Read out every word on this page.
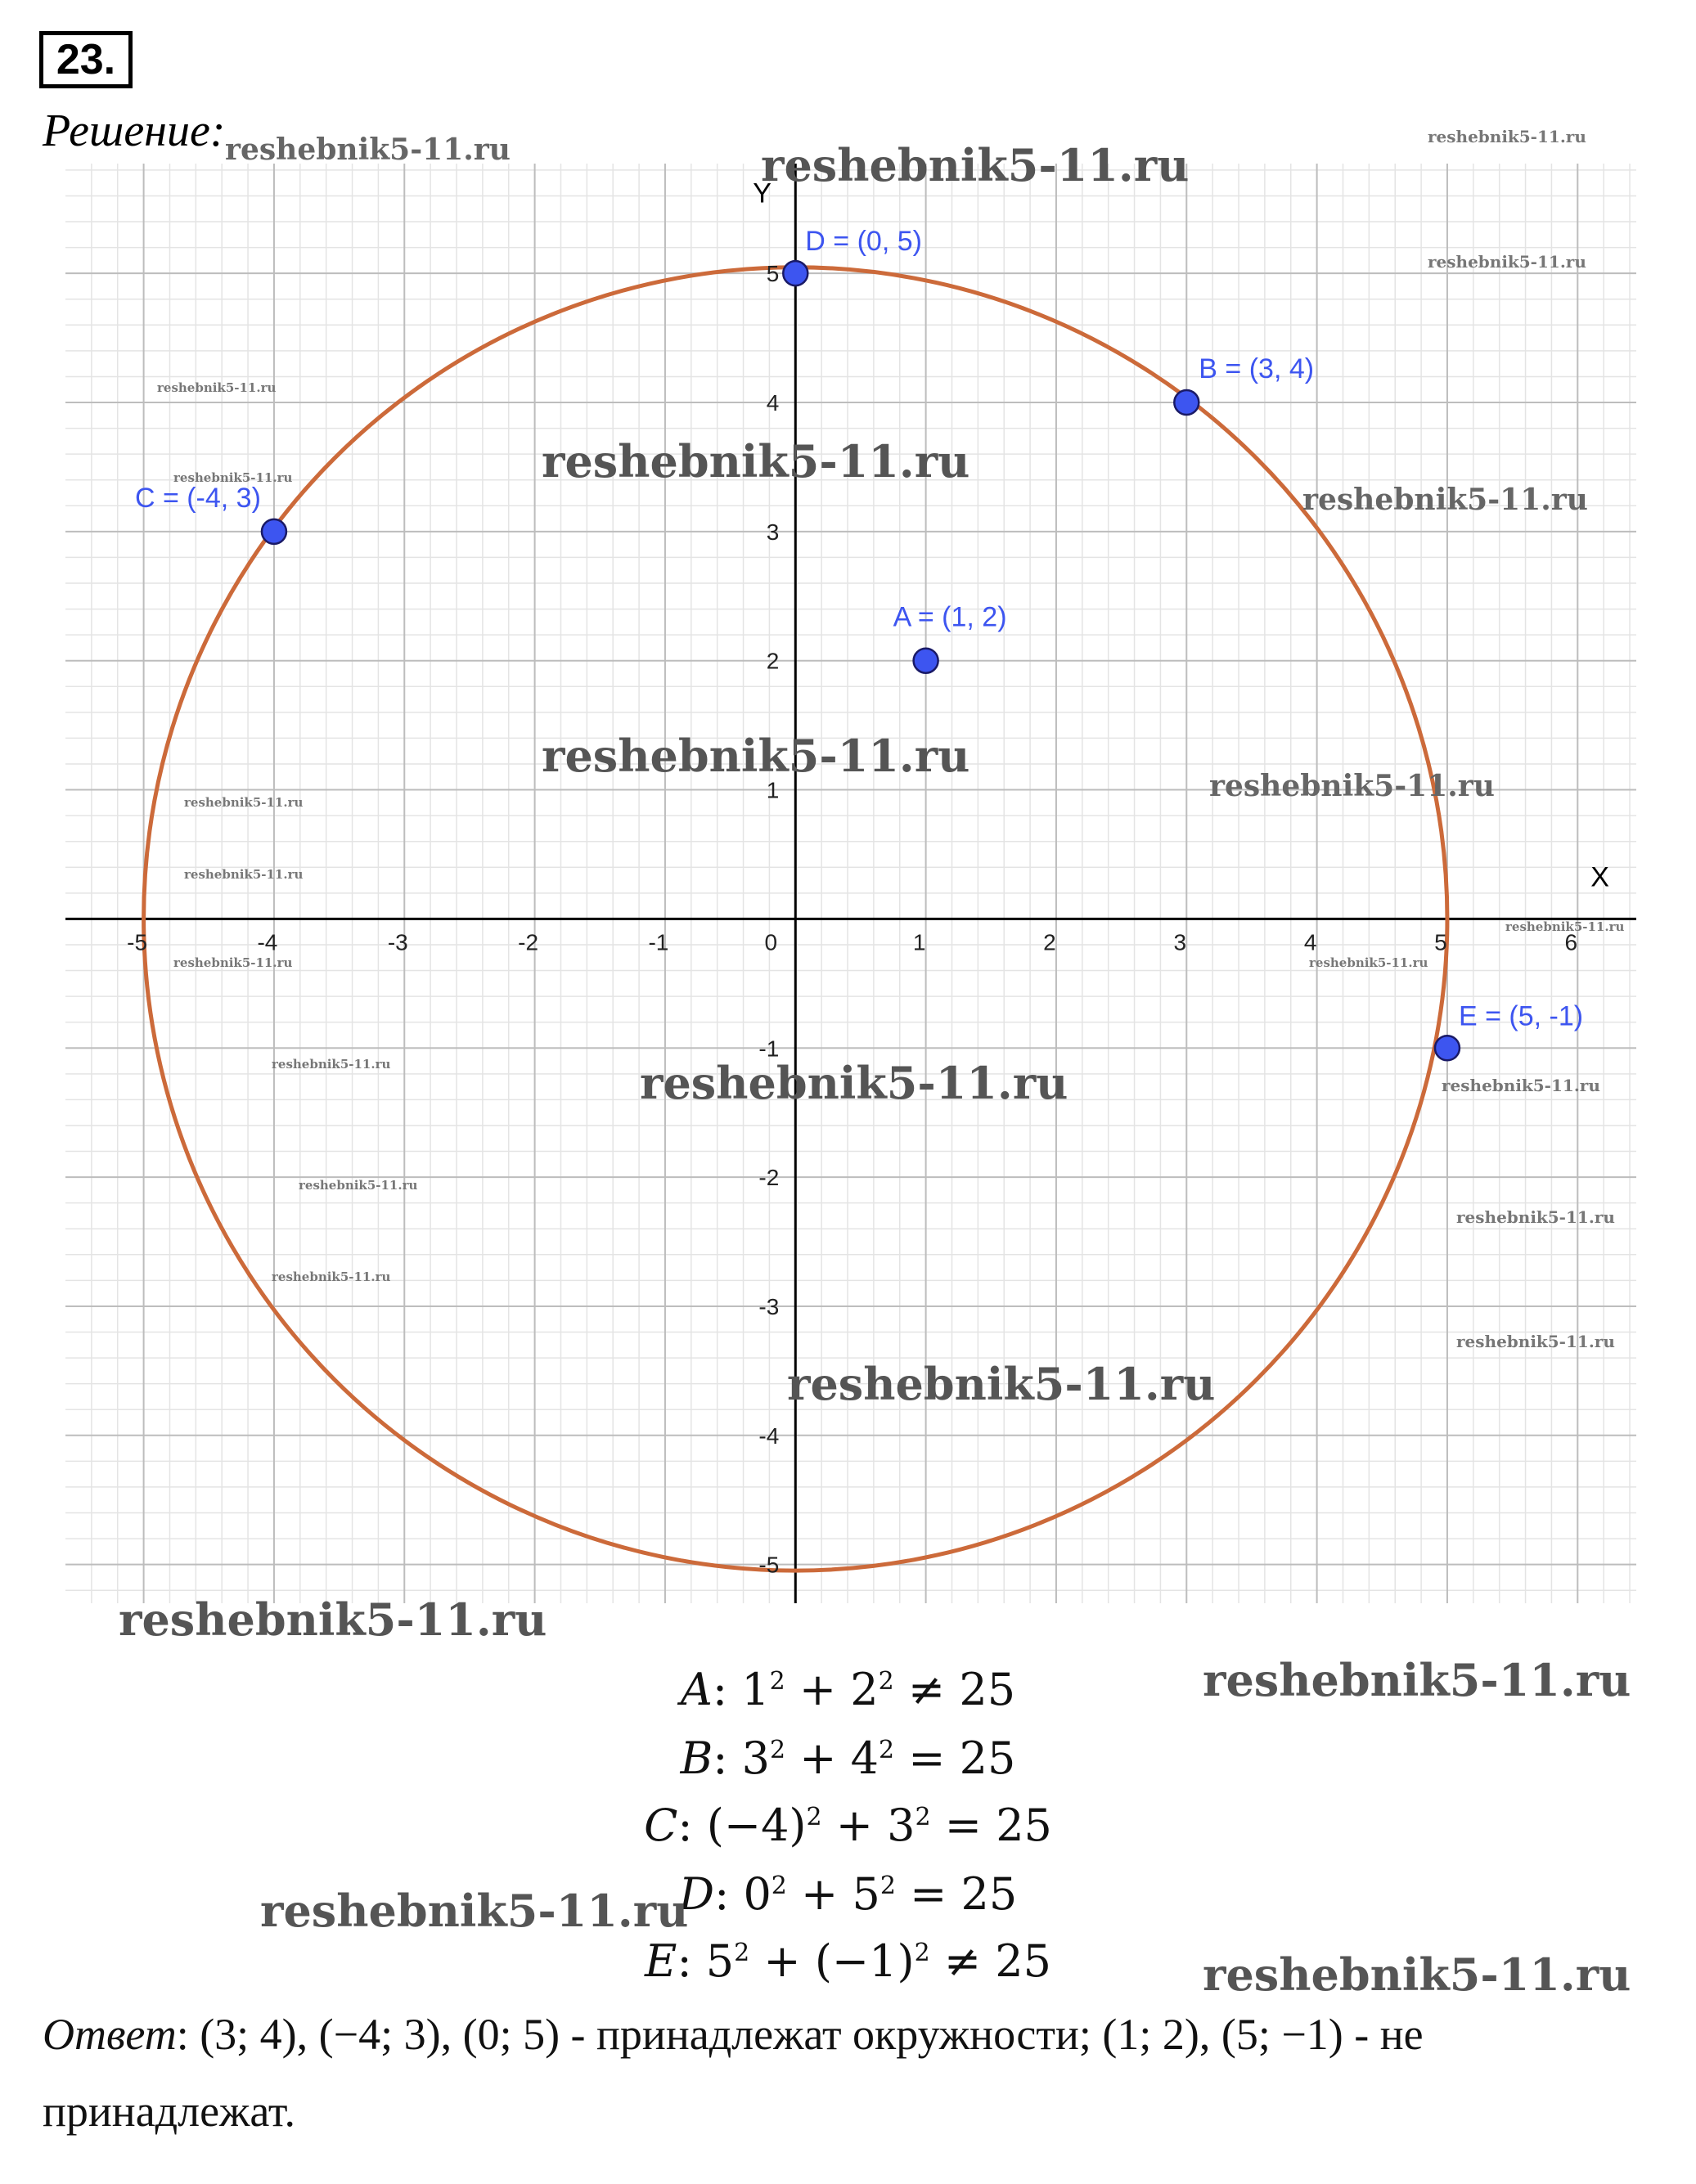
23.
Решение:
X
Y
-5	-4	-3	-2	-1	0	1	2	3	4	5	6
5
4
3
2
1
-1
-2
-3
-4
-5
A = (1, 2)
B = (3, 4)
C = (-4, 3)
D = (0, 5)
E = (5, -1)
A: $1^2 + 2^2 \ne 25$
B: $3^2 + 4^2 = 25$
C: $(-4)^2 + 3^2 = 25$
D: $0^2 + 5^2 = 25$
E: $5^2 + (-1)^2 \ne 25$
Ответ: (3; 4), (−4; 3), (0; 5) - принадлежат окружности; (1; 2), (5; −1) - не принадлежат.
reshebnik5-11.ru	reshebnik5-11.ru
reshebnik5-11.ru
reshebnik5-11.ru
reshebnik5-11.ru
reshebnik5-11.ru	reshebnik5-11.ru
reshebnik5-11.ru
reshebnik5-11.ru
reshebnik5-11.ru
reshebnik5-11.ru
reshebnik5-11.ru
reshebnik5-11.ru	reshebnik5-11.ru
reshebnik5-11.ru
reshebnik5-11.ru	reshebnik5-11.ru	reshebnik5-11.ru
reshebnik5-11.ru
reshebnik5-11.ru
reshebnik5-11.ru
reshebnik5-11.ru
reshebnik5-11.ru
reshebnik5-11.ru
reshebnik5-11.ru
reshebnik5-11.ru
reshebnik5-11.ru
